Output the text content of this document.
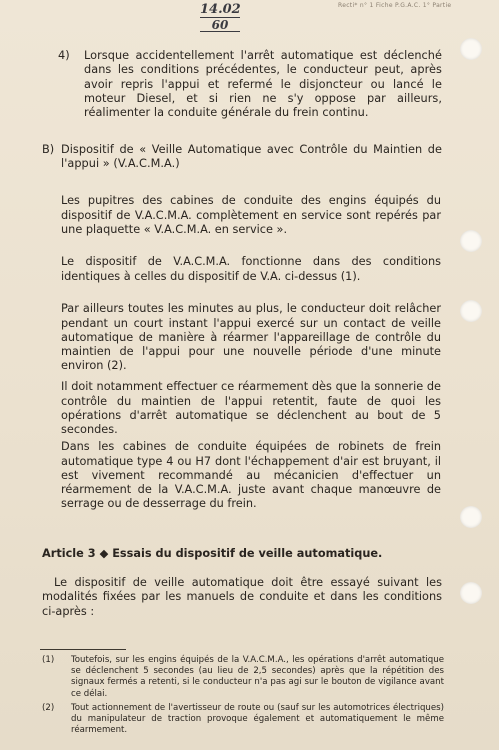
Recti* n° 1 Fiche P.G.A.C. 1° Partie
14.02
60
4) Lorsque accidentellement l'arrêt automatique est déclenché dans les conditions précédentes, le conducteur peut, après avoir repris l'appui et refermé le disjoncteur ou lancé le moteur Diesel, et si rien ne s'y oppose par ailleurs, réalimenter la conduite générale du frein continu.
B) Dispositif de « Veille Automatique avec Contrôle du Maintien de l'appui » (V.A.C.M.A.)

Les pupitres des cabines de conduite des engins équipés du dispositif de V.A.C.M.A. complètement en service sont repérés par une plaquette « V.A.C.M.A. en service ».

Le dispositif de V.A.C.M.A. fonctionne dans des conditions identiques à celles du dispositif de V.A. ci-dessus (1).

Par ailleurs toutes les minutes au plus, le conducteur doit relâcher pendant un court instant l'appui exercé sur un contact de veille automatique de manière à réarmer l'appareillage de contrôle du maintien de l'appui pour une nouvelle période d'une minute environ (2).

Il doit notamment effectuer ce réarmement dès que la sonnerie de contrôle du maintien de l'appui retentit, faute de quoi les opérations d'arrêt automatique se déclenchent au bout de 5 secondes.

Dans les cabines de conduite équipées de robinets de frein automatique type 4 ou H7 dont l'échappement d'air est bruyant, il est vivement recommandé au mécanicien d'effectuer un réarmement de la V.A.C.M.A. juste avant chaque manœuvre de serrage ou de desserrage du frein.

Article 3 ◆ Essais du dispositif de veille automatique.
Le dispositif de veille automatique doit être essayé suivant les modalités fixées par les manuels de conduite et dans les conditions ci-après :
(1) Toutefois, sur les engins équipés de la V.A.C.M.A., les opérations d'arrêt automatique se déclenchent 5 secondes (au lieu de 2,5 secondes) après que la répétition des signaux fermés a retenti, si le conducteur n'a pas agi sur le bouton de vigilance avant ce délai.
(2) Tout actionnement de l'avertisseur de route ou (sauf sur les automotrices électriques) du manipulateur de traction provoque également et automatiquement le même réarmement.
